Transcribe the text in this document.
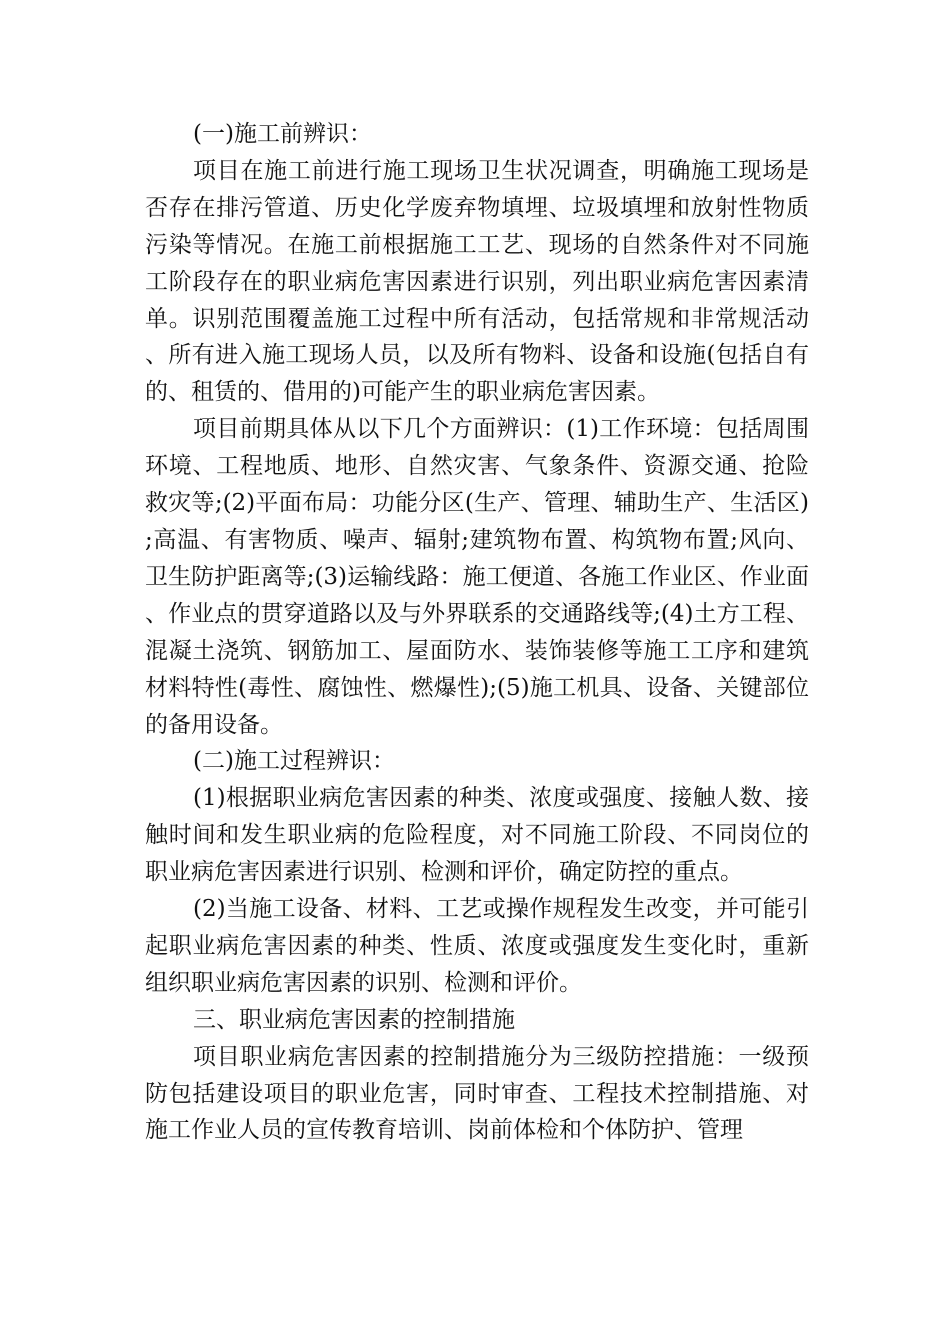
(一)施工前辨识：

项目在施工前进行施工现场卫生状况调查，明确施工现场是否存在排污管道、历史化学废弃物填埋、垃圾填埋和放射性物质污染等情况。在施工前根据施工工艺、现场的自然条件对不同施工阶段存在的职业病危害因素进行识别，列出职业病危害因素清单。识别范围覆盖施工过程中所有活动，包括常规和非常规活动、所有进入施工现场人员，以及所有物料、设备和设施(包括自有的、租赁的、借用的)可能产生的职业病危害因素。

项目前期具体从以下几个方面辨识：(1)工作环境：包括周围环境、工程地质、地形、自然灾害、气象条件、资源交通、抢险救灾等;(2)平面布局：功能分区(生产、管理、辅助生产、生活区);高温、有害物质、噪声、辐射;建筑物布置、构筑物布置;风向、卫生防护距离等;(3)运输线路：施工便道、各施工作业区、作业面、作业点的贯穿道路以及与外界联系的交通路线等;(4)土方工程、混凝土浇筑、钢筋加工、屋面防水、装饰装修等施工工序和建筑材料特性(毒性、腐蚀性、燃爆性);(5)施工机具、设备、关键部位的备用设备。

(二)施工过程辨识：

(1)根据职业病危害因素的种类、浓度或强度、接触人数、接触时间和发生职业病的危险程度，对不同施工阶段、不同岗位的职业病危害因素进行识别、检测和评价，确定防控的重点。

(2)当施工设备、材料、工艺或操作规程发生改变，并可能引起职业病危害因素的种类、性质、浓度或强度发生变化时，重新组织职业病危害因素的识别、检测和评价。

三、职业病危害因素的控制措施

项目职业病危害因素的控制措施分为三级防控措施：一级预防包括建设项目的职业危害，同时审查、工程技术控制措施、对施工作业人员的宣传教育培训、岗前体检和个体防护、管理
